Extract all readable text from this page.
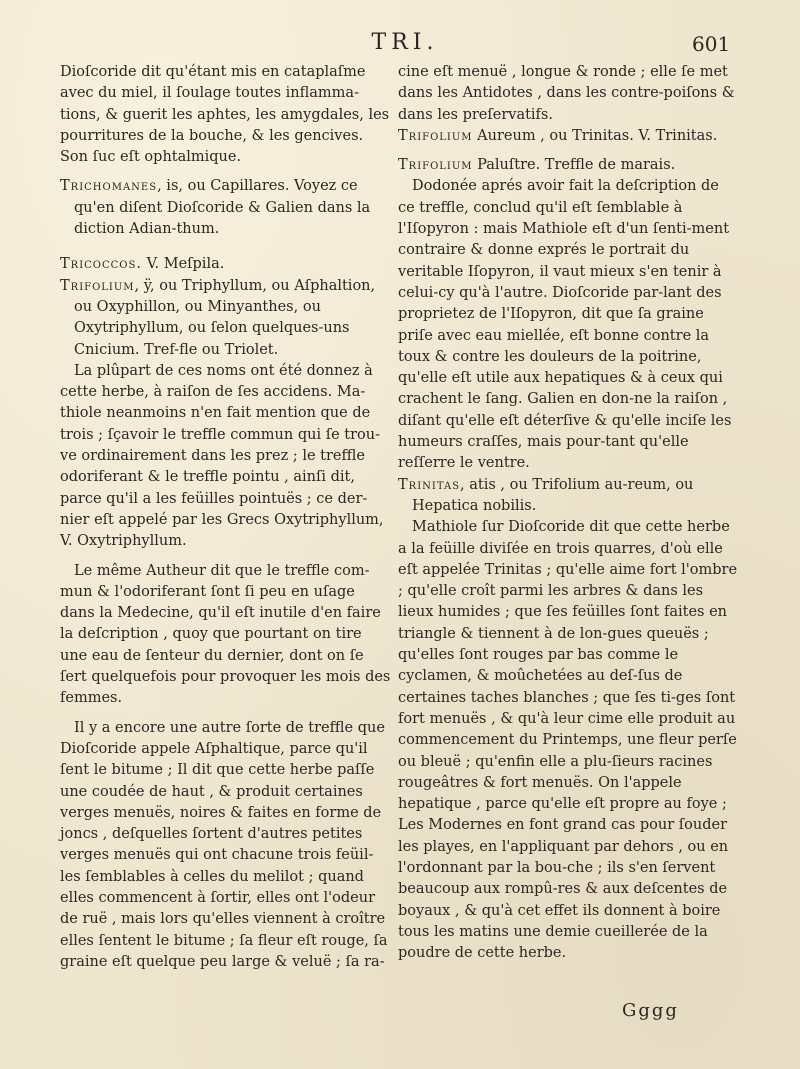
TRI.	601

Dioſcoride dit qu'étant mis en cataplaſme avec du miel, il ſoulage toutes inflamma-tions, & guerit les aphtes, les amygdales, les pourritures de la bouche, & les gencives. Son ſuc eſt ophtalmique.

Trichomanes, is, ou Capillares. Voyez ce qu'en diſent Dioſcoride & Galien dans la diction Adian-thum.

Tricoccos. V. Meſpila.

Trifolium, ÿ, ou Triphyllum, ou Aſphaltion, ou Oxyphillon, ou Minyanthes, ou Oxytriphyllum, ou ſelon quelques-uns Cnicium. Tref-fle ou Triolet.

La plûpart de ces noms ont été donnez à cette herbe, à raiſon de ſes accidens. Ma-thiole neanmoins n'en fait mention que de trois ; ſçavoir le treffle commun qui ſe trou-ve ordinairement dans les prez ; le treffle odoriferant & le treffle pointu , ainſi dit, parce qu'il a les feüilles pointuës ; ce der-nier eſt appelé par les Grecs Oxytriphyllum, V. Oxytriphyllum.

Le même Autheur dit que le treffle com-mun & l'odoriferant ſont ſi peu en uſage dans la Medecine, qu'il eſt inutile d'en faire la deſcription , quoy que pourtant on tire une eau de ſenteur du dernier, dont on ſe ſert quelquefois pour provoquer les mois des femmes.

Il y a encore une autre ſorte de treffle que Dioſcoride appele Aſphaltique, parce qu'il ſent le bitume ; Il dit que cette herbe paſſe une coudée de haut , & produit certaines verges menuës, noires & faites en forme de joncs , deſquelles ſortent d'autres petites verges menuës qui ont chacune trois feüil-les ſemblables à celles du melilot ; quand elles commencent à ſortir, elles ont l'odeur de ruë , mais lors qu'elles viennent à croître elles ſentent le bitume ; ſa fleur eſt rouge, ſa graine eſt quelque peu large & veluë ; ſa ra-

cine eſt menuë , longue & ronde ; elle ſe met dans les Antidotes , dans les contre-poiſons & dans les preſervatifs.

Trifolium Aureum , ou Trinitas. V. Trinitas.

Trifolium Paluſtre. Treffle de marais.

Dodonée aprés avoir fait la deſcription de ce treffle, conclud qu'il eſt ſemblable à l'Iſopyron : mais Mathiole eſt d'un ſenti-ment contraire & donne exprés le portrait du veritable Iſopyron, il vaut mieux s'en tenir à celui-cy qu'à l'autre. Dioſcoride par-lant des proprietez de l'Iſopyron, dit que ſa graine priſe avec eau miellée, eſt bonne contre la toux & contre les douleurs de la poitrine, qu'elle eſt utile aux hepatiques & à ceux qui crachent le ſang. Galien en don-ne la raiſon , diſant qu'elle eſt déterſive & qu'elle inciſe les humeurs craſſes, mais pour-tant qu'elle reſſerre le ventre.

Trinitas, atis , ou Trifolium au-reum, ou Hepatica nobilis.

Mathiole ſur Dioſcoride dit que cette herbe a la feüille diviſée en trois quarres, d'où elle eſt appelée Trinitas ; qu'elle aime fort l'ombre ; qu'elle croît parmi les arbres & dans les lieux humides ; que ſes feüilles ſont faites en triangle & tiennent à de lon-gues queuës ; qu'elles ſont rouges par bas comme le cyclamen, & moûchetées au deſ-ſus de certaines taches blanches ; que ſes ti-ges ſont fort menuës , & qu'à leur cime elle produit au commencement du Printemps, une fleur perſe ou bleuë ; qu'enfin elle a plu-ſieurs racines rougeâtres & fort menuës. On l'appele hepatique , parce qu'elle eſt propre au foye ; Les Modernes en font grand cas pour ſouder les playes, en l'appliquant par dehors , ou en l'ordonnant par la bou-che ; ils s'en ſervent beaucoup aux rompû-res & aux deſcentes de boyaux , & qu'à cet effet ils donnent à boire tous les matins une demie cueillerée de la poudre de cette herbe.

Gggg
